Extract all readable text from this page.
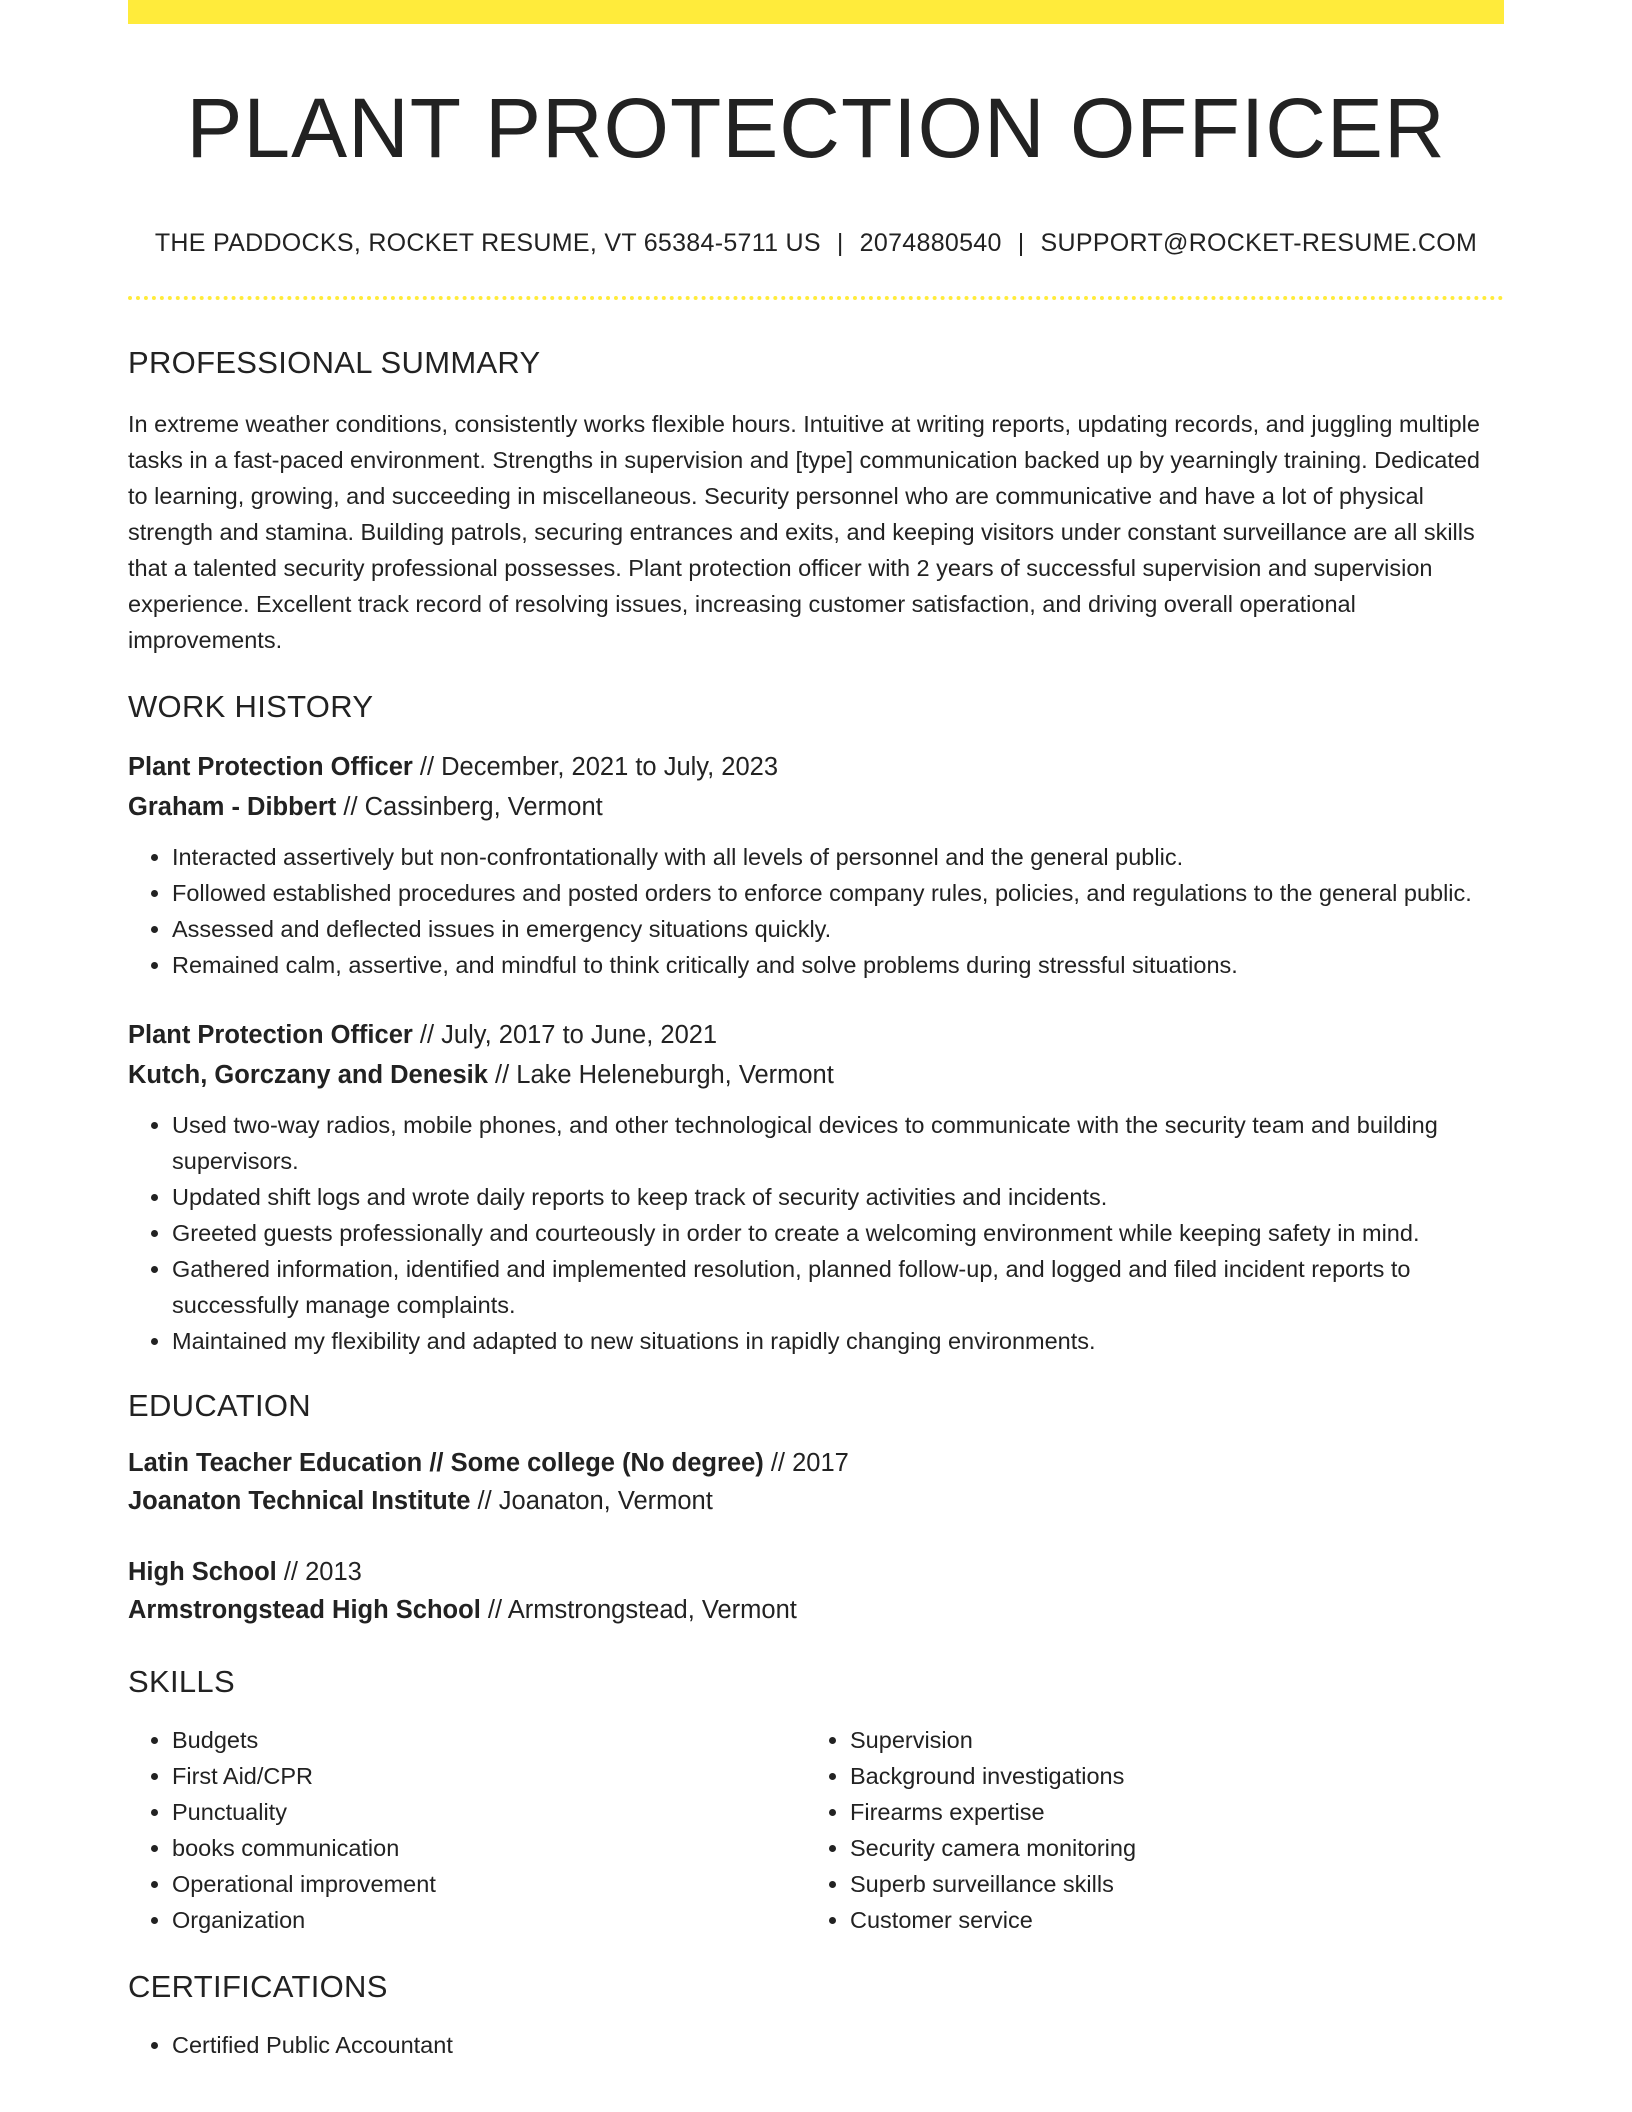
PLANT PROTECTION OFFICER
THE PADDOCKS, ROCKET RESUME, VT 65384-5711 US | 2074880540 | SUPPORT@ROCKET-RESUME.COM
PROFESSIONAL SUMMARY

In extreme weather conditions, consistently works flexible hours. Intuitive at writing reports, updating records, and juggling multiple tasks in a fast-paced environment. Strengths in supervision and [type] communication backed up by yearningly training. Dedicated to learning, growing, and succeeding in miscellaneous. Security personnel who are communicative and have a lot of physical strength and stamina. Building patrols, securing entrances and exits, and keeping visitors under constant surveillance are all skills that a talented security professional possesses. Plant protection officer with 2 years of successful supervision and supervision experience. Excellent track record of resolving issues, increasing customer satisfaction, and driving overall operational improvements.

WORK HISTORY
Plant Protection Officer // December, 2021 to July, 2023
Graham - Dibbert // Cassinberg, Vermont
• Interacted assertively but non-confrontationally with all levels of personnel and the general public.
• Followed established procedures and posted orders to enforce company rules, policies, and regulations to the general public.
• Assessed and deflected issues in emergency situations quickly.
• Remained calm, assertive, and mindful to think critically and solve problems during stressful situations.
Plant Protection Officer // July, 2017 to June, 2021
Kutch, Gorczany and Denesik // Lake Heleneburgh, Vermont
• Used two-way radios, mobile phones, and other technological devices to communicate with the security team and building supervisors.
• Updated shift logs and wrote daily reports to keep track of security activities and incidents.
• Greeted guests professionally and courteously in order to create a welcoming environment while keeping safety in mind.
• Gathered information, identified and implemented resolution, planned follow-up, and logged and filed incident reports to successfully manage complaints.
• Maintained my flexibility and adapted to new situations in rapidly changing environments.
EDUCATION
Latin Teacher Education // Some college (No degree) // 2017
Joanaton Technical Institute // Joanaton, Vermont
High School // 2013
Armstrongstead High School // Armstrongstead, Vermont
SKILLS
• Budgets
• First Aid/CPR
• Punctuality
• books communication
• Operational improvement
• Organization
• Supervision
• Background investigations
• Firearms expertise
• Security camera monitoring
• Superb surveillance skills
• Customer service
CERTIFICATIONS
• Certified Public Accountant
